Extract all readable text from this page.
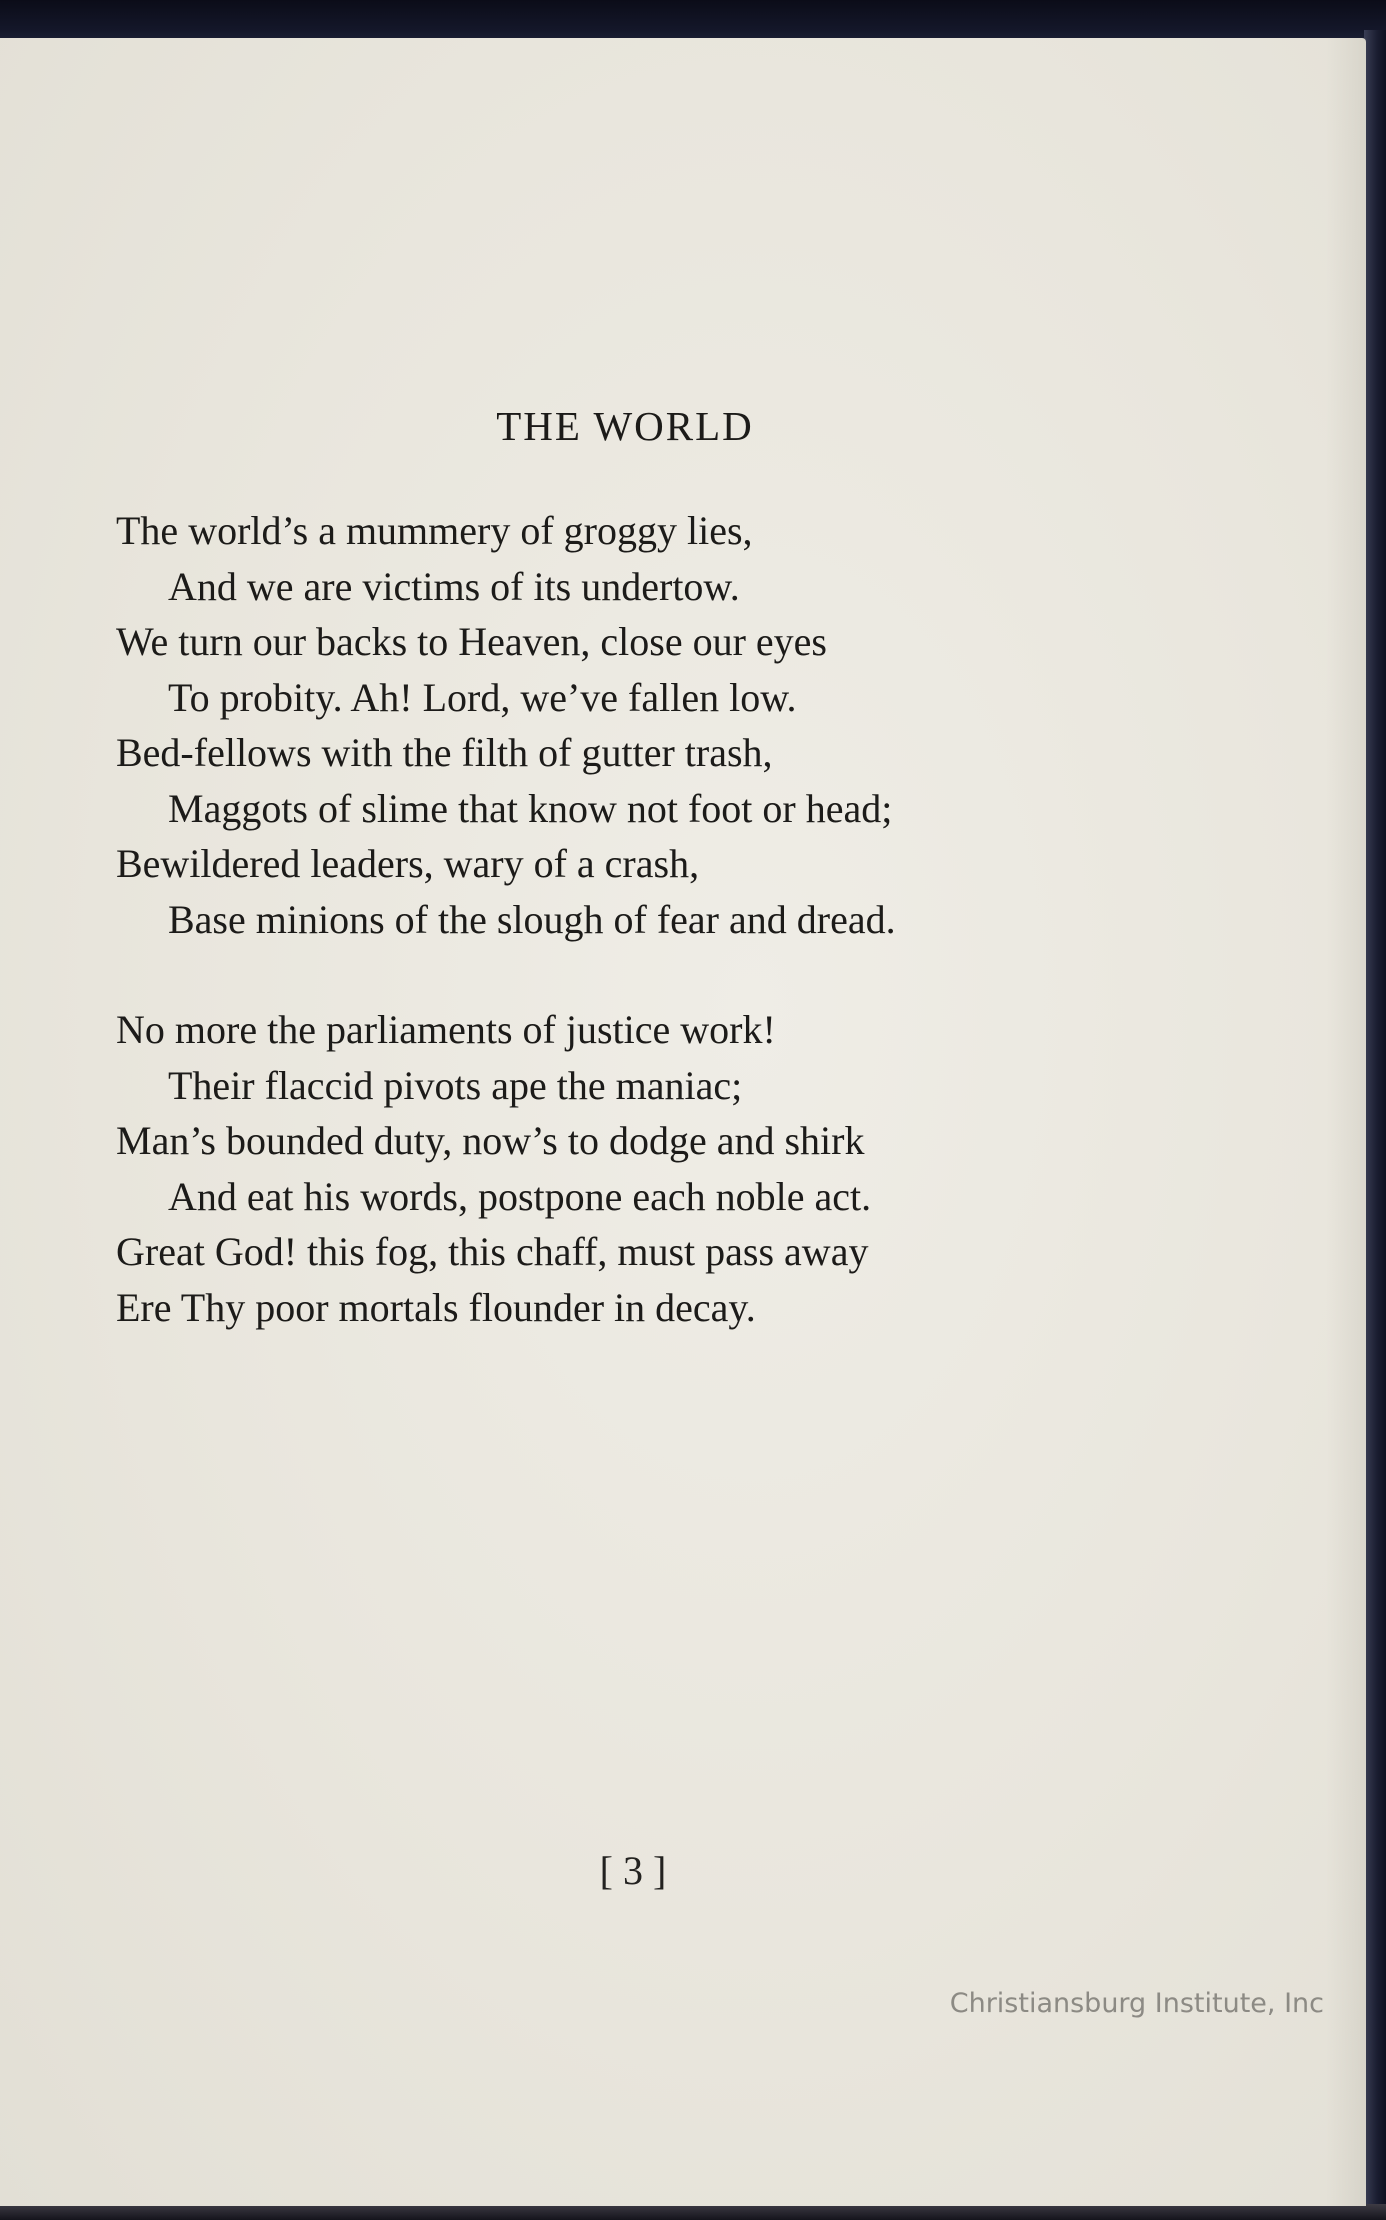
THE WORLD
The world’s a mummery of groggy lies,
And we are victims of its undertow.
We turn our backs to Heaven, close our eyes
To probity. Ah! Lord, we’ve fallen low.
Bed-fellows with the filth of gutter trash,
Maggots of slime that know not foot or head;
Bewildered leaders, wary of a crash,
Base minions of the slough of fear and dread.
No more the parliaments of justice work!
Their flaccid pivots ape the maniac;
Man’s bounded duty, now’s to dodge and shirk
And eat his words, postpone each noble act.
Great God! this fog, this chaff, must pass away
Ere Thy poor mortals flounder in decay.
[ 3 ]
Christiansburg Institute, Inc
